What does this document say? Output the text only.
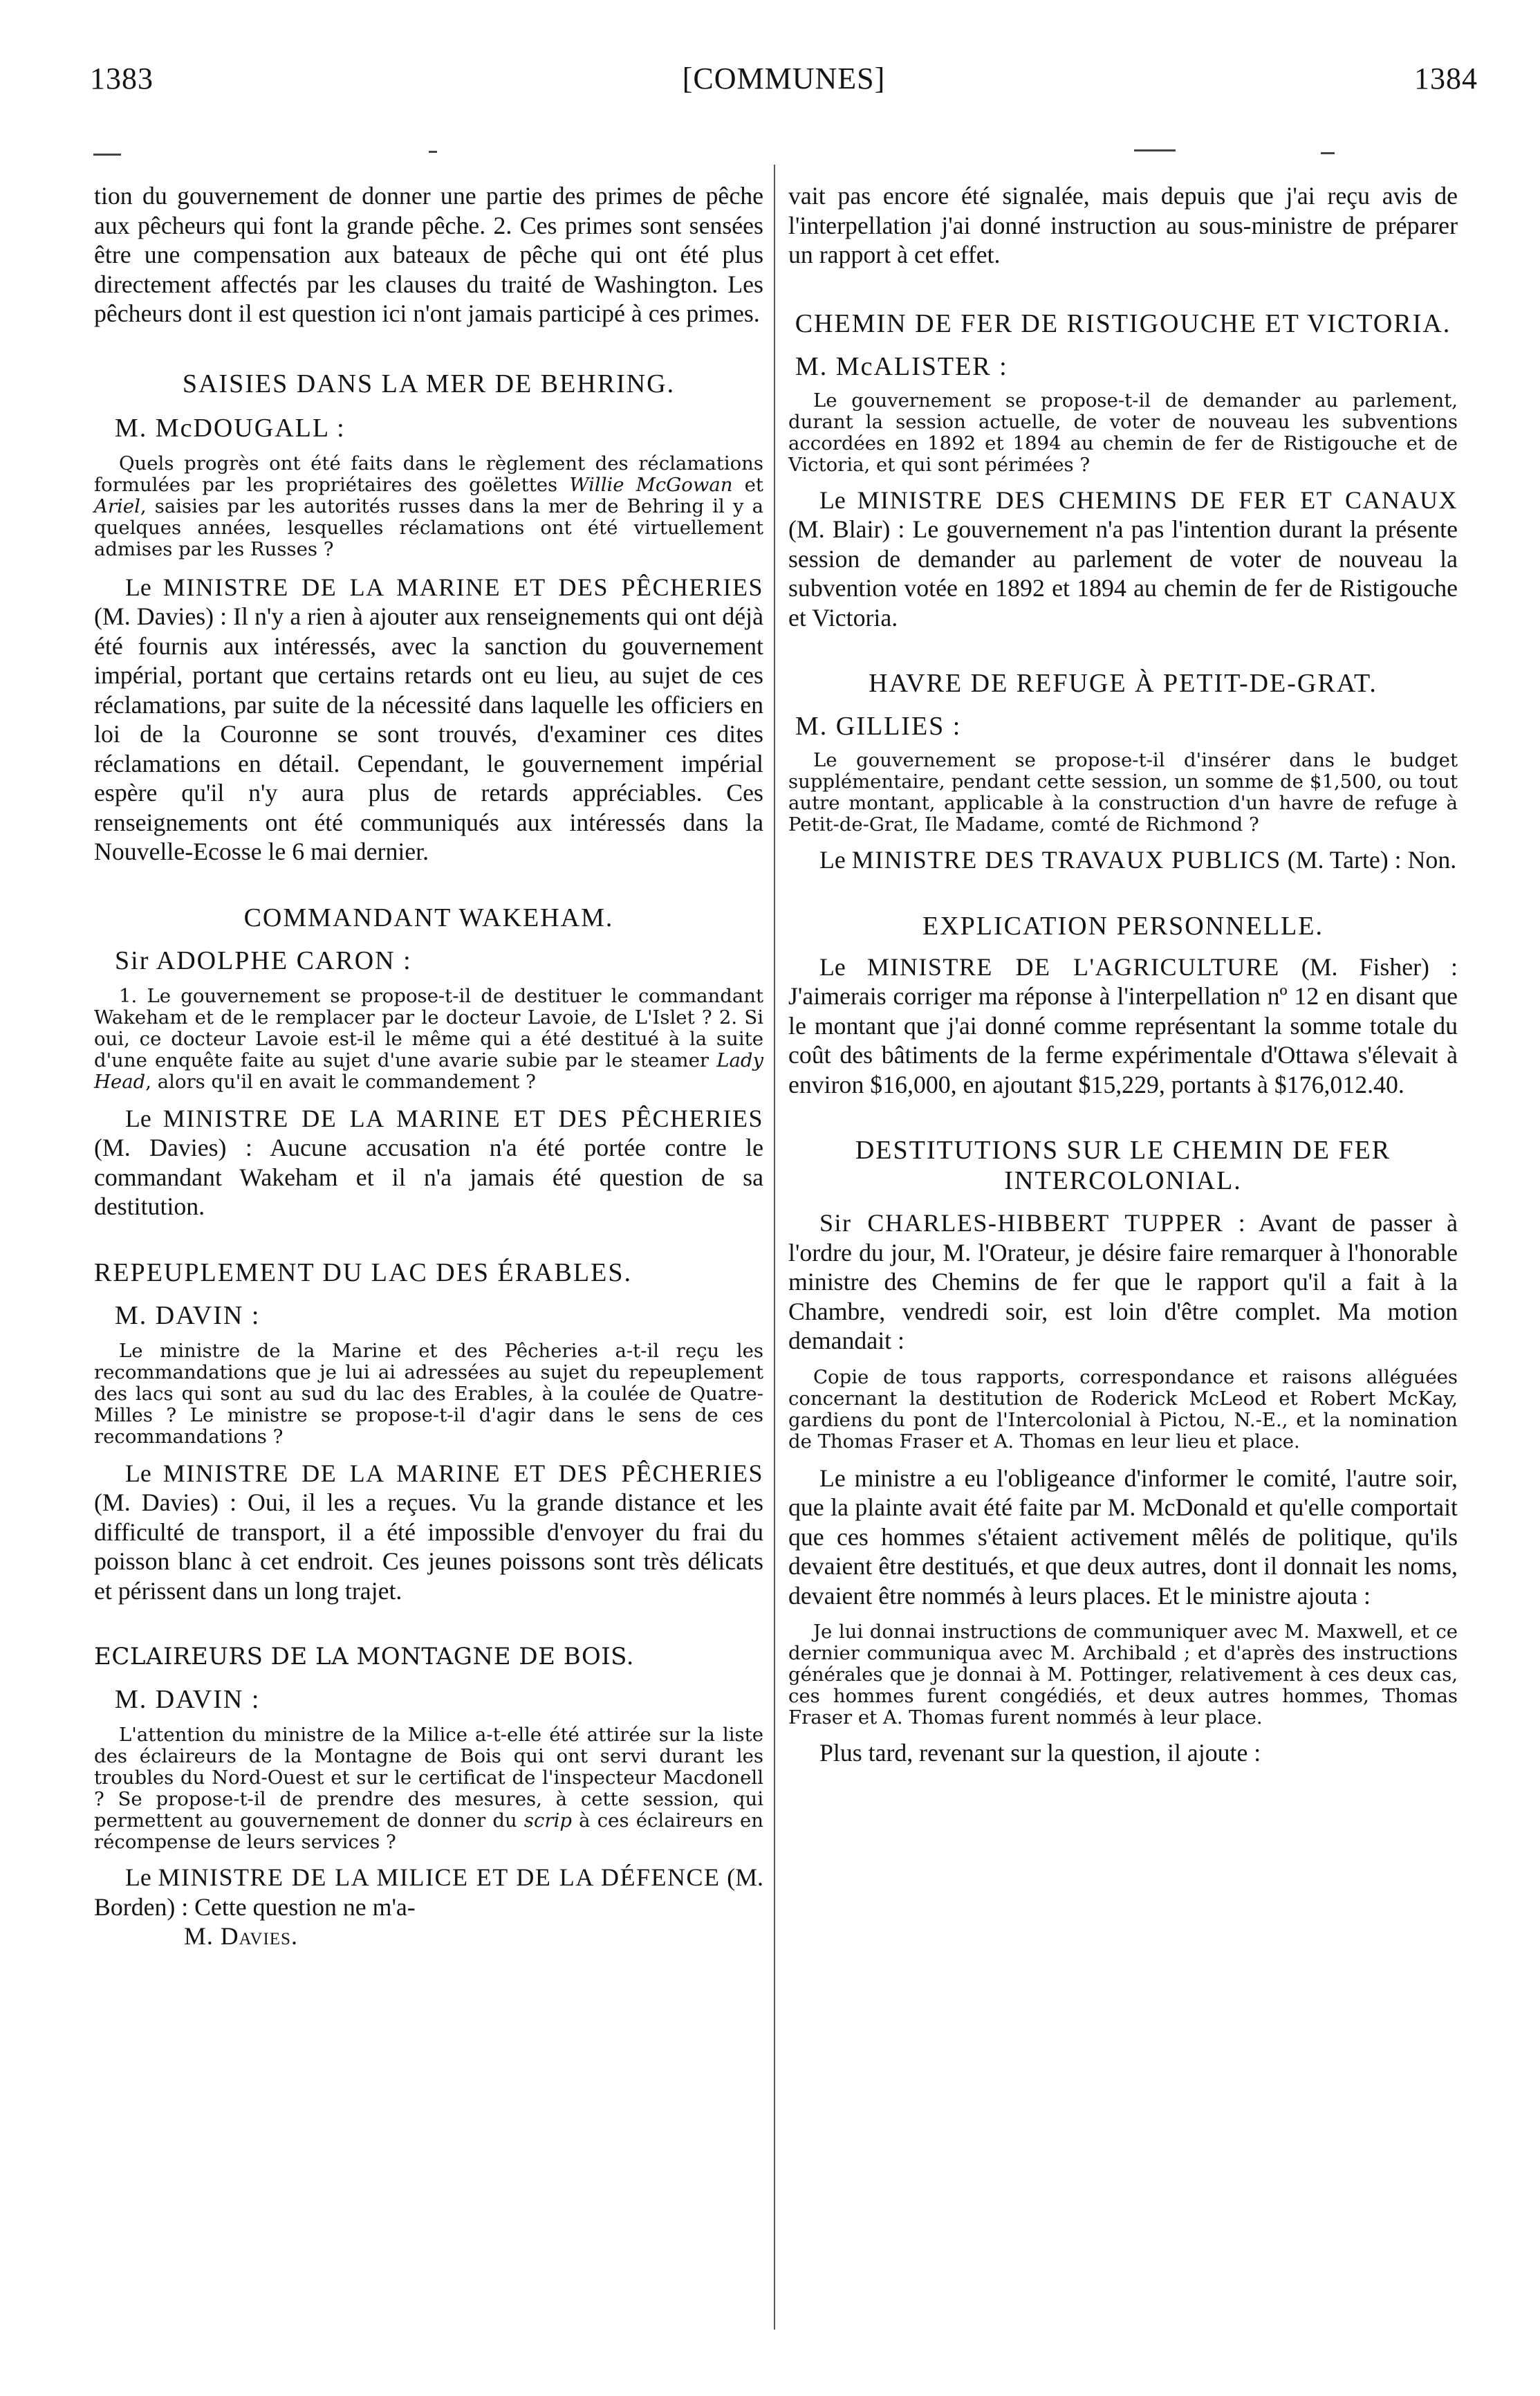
1383	[COMMUNES]	1384

tion du gouvernement de donner une partie des primes de pêche aux pêcheurs qui font la grande pêche. 2. Ces primes sont sensées être une compensation aux bateaux de pêche qui ont été plus directement affectés par les clauses du traité de Washington. Les pêcheurs dont il est question ici n'ont jamais participé à ces primes.

SAISIES DANS LA MER DE BEHRING.

M. McDOUGALL :

Quels progrès ont été faits dans le règlement des réclamations formulées par les propriétaires des goëlettes Willie McGowan et Ariel, saisies par les autorités russes dans la mer de Behring il y a quelques années, lesquelles réclamations ont été virtuellement admises par les Russes ?

Le MINISTRE DE LA MARINE ET DES PÊCHERIES (M. Davies) : Il n'y a rien à ajouter aux renseignements qui ont déjà été fournis aux intéressés, avec la sanction du gouvernement impérial, portant que certains retards ont eu lieu, au sujet de ces réclamations, par suite de la nécessité dans laquelle les officiers en loi de la Couronne se sont trouvés, d'examiner ces dites réclamations en détail. Cependant, le gouvernement impérial espère qu'il n'y aura plus de retards appréciables. Ces renseignements ont été communiqués aux intéressés dans la Nouvelle-Ecosse le 6 mai dernier.

COMMANDANT WAKEHAM.

Sir ADOLPHE CARON :

1. Le gouvernement se propose-t-il de destituer le commandant Wakeham et de le remplacer par le docteur Lavoie, de L'Islet ? 2. Si oui, ce docteur Lavoie est-il le même qui a été destitué à la suite d'une enquête faite au sujet d'une avarie subie par le steamer Lady Head, alors qu'il en avait le commandement ?

Le MINISTRE DE LA MARINE ET DES PÊCHERIES (M. Davies) : Aucune accusation n'a été portée contre le commandant Wakeham et il n'a jamais été question de sa destitution.

REPEUPLEMENT DU LAC DES ÉRABLES.

M. DAVIN :

Le ministre de la Marine et des Pêcheries a-t-il reçu les recommandations que je lui ai adressées au sujet du repeuplement des lacs qui sont au sud du lac des Erables, à la coulée de Quatre-Milles ? Le ministre se propose-t-il d'agir dans le sens de ces recommandations ?

Le MINISTRE DE LA MARINE ET DES PÊCHERIES (M. Davies) : Oui, il les a reçues. Vu la grande distance et les difficulté de transport, il a été impossible d'envoyer du frai du poisson blanc à cet endroit. Ces jeunes poissons sont très délicats et périssent dans un long trajet.

ECLAIREURS DE LA MONTAGNE DE BOIS.

M. DAVIN :

L'attention du ministre de la Milice a-t-elle été attirée sur la liste des éclaireurs de la Montagne de Bois qui ont servi durant les troubles du Nord-Ouest et sur le certificat de l'inspecteur Macdonell ? Se propose-t-il de prendre des mesures, à cette session, qui permettent au gouvernement de donner du scrip à ces éclaireurs en récompense de leurs services ?

Le MINISTRE DE LA MILICE ET DE LA DÉFENCE (M. Borden) : Cette question ne m'a-

M. Davies.

vait pas encore été signalée, mais depuis que j'ai reçu avis de l'interpellation j'ai donné instruction au sous-ministre de préparer un rapport à cet effet.

CHEMIN DE FER DE RISTIGOUCHE ET VICTORIA.

M. McALISTER :

Le gouvernement se propose-t-il de demander au parlement, durant la session actuelle, de voter de nouveau les subventions accordées en 1892 et 1894 au chemin de fer de Ristigouche et de Victoria, et qui sont périmées ?

Le MINISTRE DES CHEMINS DE FER ET CANAUX (M. Blair) : Le gouvernement n'a pas l'intention durant la présente session de demander au parlement de voter de nouveau la subvention votée en 1892 et 1894 au chemin de fer de Ristigouche et Victoria.

HAVRE DE REFUGE À PETIT-DE-GRAT.

M. GILLIES :

Le gouvernement se propose-t-il d'insérer dans le budget supplémentaire, pendant cette session, un somme de $1,500, ou tout autre montant, applicable à la construction d'un havre de refuge à Petit-de-Grat, Ile Madame, comté de Richmond ?

Le MINISTRE DES TRAVAUX PUBLICS (M. Tarte) : Non.

EXPLICATION PERSONNELLE.

Le MINISTRE DE L'AGRICULTURE (M. Fisher) : J'aimerais corriger ma réponse à l'interpellation nº 12 en disant que le montant que j'ai donné comme représentant la somme totale du coût des bâtiments de la ferme expérimentale d'Ottawa s'élevait à environ $16,000, en ajoutant $15,229, portants à $176,012.40.

DESTITUTIONS SUR LE CHEMIN DE FER INTERCOLONIAL.

Sir CHARLES-HIBBERT TUPPER : Avant de passer à l'ordre du jour, M. l'Orateur, je désire faire remarquer à l'honorable ministre des Chemins de fer que le rapport qu'il a fait à la Chambre, vendredi soir, est loin d'être complet. Ma motion demandait :

Copie de tous rapports, correspondance et raisons alléguées concernant la destitution de Roderick McLeod et Robert McKay, gardiens du pont de l'Intercolonial à Pictou, N.-E., et la nomination de Thomas Fraser et A. Thomas en leur lieu et place.

Le ministre a eu l'obligeance d'informer le comité, l'autre soir, que la plainte avait été faite par M. McDonald et qu'elle comportait que ces hommes s'étaient activement mêlés de politique, qu'ils devaient être destitués, et que deux autres, dont il donnait les noms, devaient être nommés à leurs places. Et le ministre ajouta :

Je lui donnai instructions de communiquer avec M. Maxwell, et ce dernier communiqua avec M. Archibald ; et d'après des instructions générales que je donnai à M. Pottinger, relativement à ces deux cas, ces hommes furent congédiés, et deux autres hommes, Thomas Fraser et A. Thomas furent nommés à leur place.

Plus tard, revenant sur la question, il ajoute :
